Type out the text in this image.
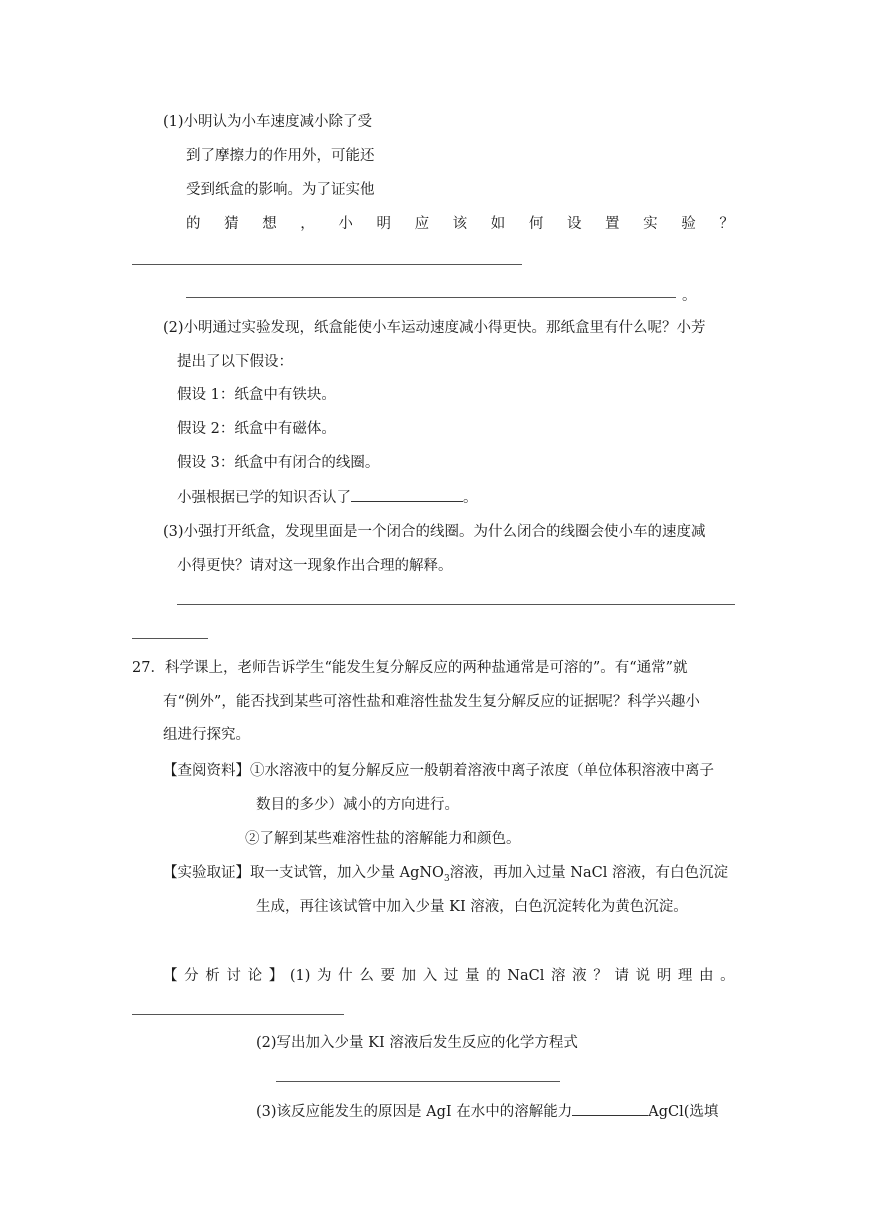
(1)小明认为小车速度减小除了受
到了摩擦力的作用外，可能还
受到纸盒的影响。为了证实他
的 猜 想 ， 小 明 应 该 如 何 设 置 实 验 ？
。
(2)小明通过实验发现，纸盒能使小车运动速度减小得更快。那纸盒里有什么呢？小芳
提出了以下假设：
假设 1：纸盒中有铁块。
假设 2：纸盒中有磁体。
假设 3：纸盒中有闭合的线圈。
小强根据已学的知识否认了	。
(3)小强打开纸盒，发现里面是一个闭合的线圈。为什么闭合的线圈会使小车的速度减
小得更快？请对这一现象作出合理的解释。
27．科学课上，老师告诉学生“能发生复分解反应的两种盐通常是可溶的”。有“通常”就
有“例外”，能否找到某些可溶性盐和难溶性盐发生复分解反应的证据呢？科学兴趣小
组进行探究。
【查阅资料】①水溶液中的复分解反应一般朝着溶液中离子浓度（单位体积溶液中离子
数目的多少）减小的方向进行。
②了解到某些难溶性盐的溶解能力和颜色。
【实验取证】取一支试管，加入少量 AgNO$_3$溶液，再加入过量 NaCl 溶液，有白色沉淀
生成，再往该试管中加入少量 KI 溶液，白色沉淀转化为黄色沉淀。
【 分 析 讨 论 】 (1) 为 什 么 要 加 入 过 量 的 NaCl 溶 液 ？ 请 说 明 理 由 。
(2)写出加入少量 KI 溶液后发生反应的化学方程式
(3)该反应能发生的原因是 AgI 在水中的溶解能力	AgCl(选填
